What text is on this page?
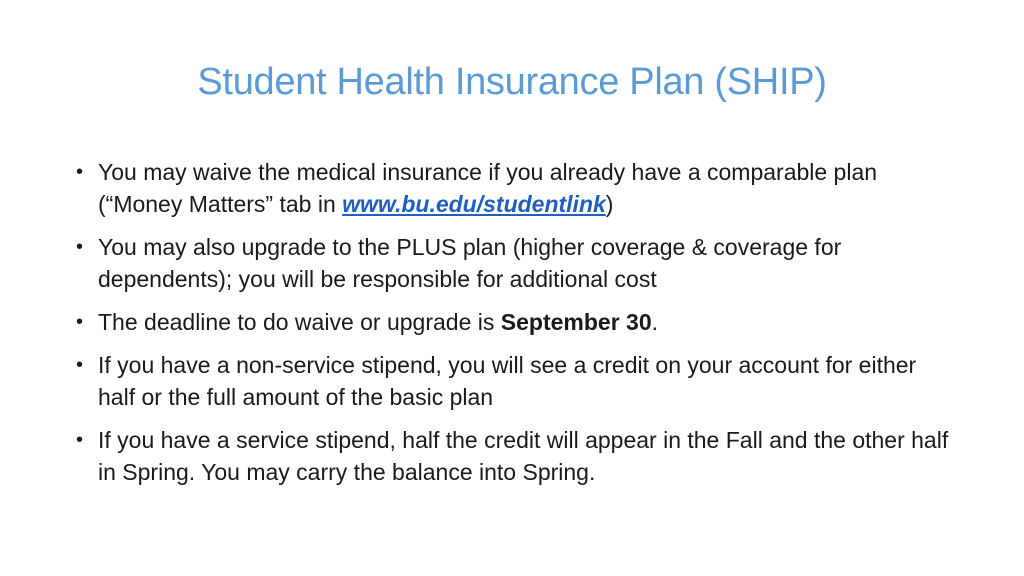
Student Health Insurance Plan (SHIP)
• You may waive the medical insurance if you already have a comparable plan (“Money Matters” tab in www.bu.edu/studentlink)
• You may also upgrade to the PLUS plan (higher coverage & coverage for dependents); you will be responsible for additional cost
• The deadline to do waive or upgrade is September 30.
• If you have a non-service stipend, you will see a credit on your account for either half or the full amount of the basic plan
• If you have a service stipend, half the credit will appear in the Fall and the other half in Spring. You may carry the balance into Spring.
